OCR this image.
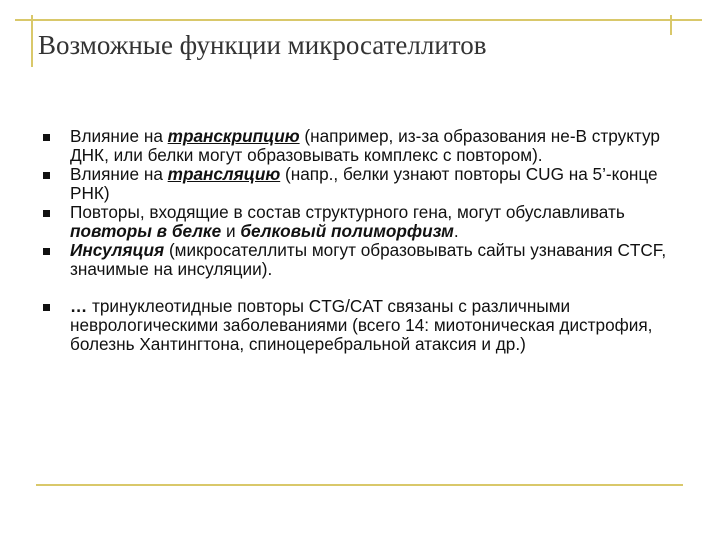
Возможные функции микросателлитов
Влияние на транскрипцию (например, из-за образования не-B структур ДНК, или белки могут образовывать комплекс с повтором).
Влияние на трансляцию (напр., белки узнают повторы CUG на 5’-конце РНК)
Повторы, входящие в состав структурного гена, могут обуславливать повторы в белке и белковый полиморфизм.
Инсуляция (микросателлиты могут образовывать сайты узнавания CTCF, значимые на инсуляции).
… тринуклеотидные повторы CTG/CAT связаны с различными неврологическими заболеваниями (всего 14: миотоническая дистрофия, болезнь Хантингтона, спиноцеребральной атаксия и др.)
